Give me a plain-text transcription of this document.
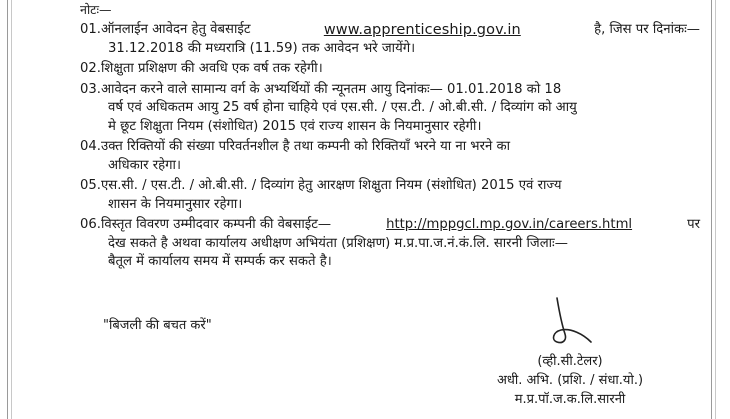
नोटः—
01.ऑनलाईन आवेदन हेतु वेबसाईट	www.apprenticeship.gov.in	है, जिस पर दिनांकः—
31.12.2018 की मध्यरात्रि (11.59) तक आवेदन भरे जायेंगे।
02.शिक्षुता प्रशिक्षण की अवधि एक वर्ष तक रहेगी।
03.आवेदन करने वाले सामान्य वर्ग के अभ्यर्थियों की न्यूनतम आयु दिनांकः— 01.01.2018 को 18
वर्ष एवं अधिकतम आयु 25 वर्ष होना चाहिये एवं एस.सी. / एस.टी. / ओ.बी.सी. / दिव्यांग को आयु
मे छूट शिक्षुता नियम (संशोधित) 2015 एवं राज्य शासन के नियमानुसार रहेगी।
04.उक्त रिक्तियों की संख्या परिवर्तनशील है तथा कम्पनी को रिक्तियॉं भरने या ना भरने का
अधिकार रहेगा।
05.एस.सी. / एस.टी. / ओ.बी.सी. / दिव्यांग हेतु आरक्षण शिक्षुता नियम (संशोधित) 2015 एवं राज्य
शासन के नियमानुसार रहेगा।
06.विस्तृत विवरण उम्मीदवार कम्पनी की वेबसाईट—	http://mppgcl.mp.gov.in/careers.html	पर
देख सकते है अथवा कार्यालय अधीक्षण अभियंता (प्रशिक्षण) म.प्र.पा.ज.नं.कं.लि. सारनी जिलाः—
बैतूल में कार्यालय समय में सम्पर्क कर सकते है।
"बिजली की बचत करें"
(व्ही.सी.टेलर)
अधी. अभि. (प्रशि. / संधा.यो.)
म.प्र.पॉ.ज.क.लि.सारनी
